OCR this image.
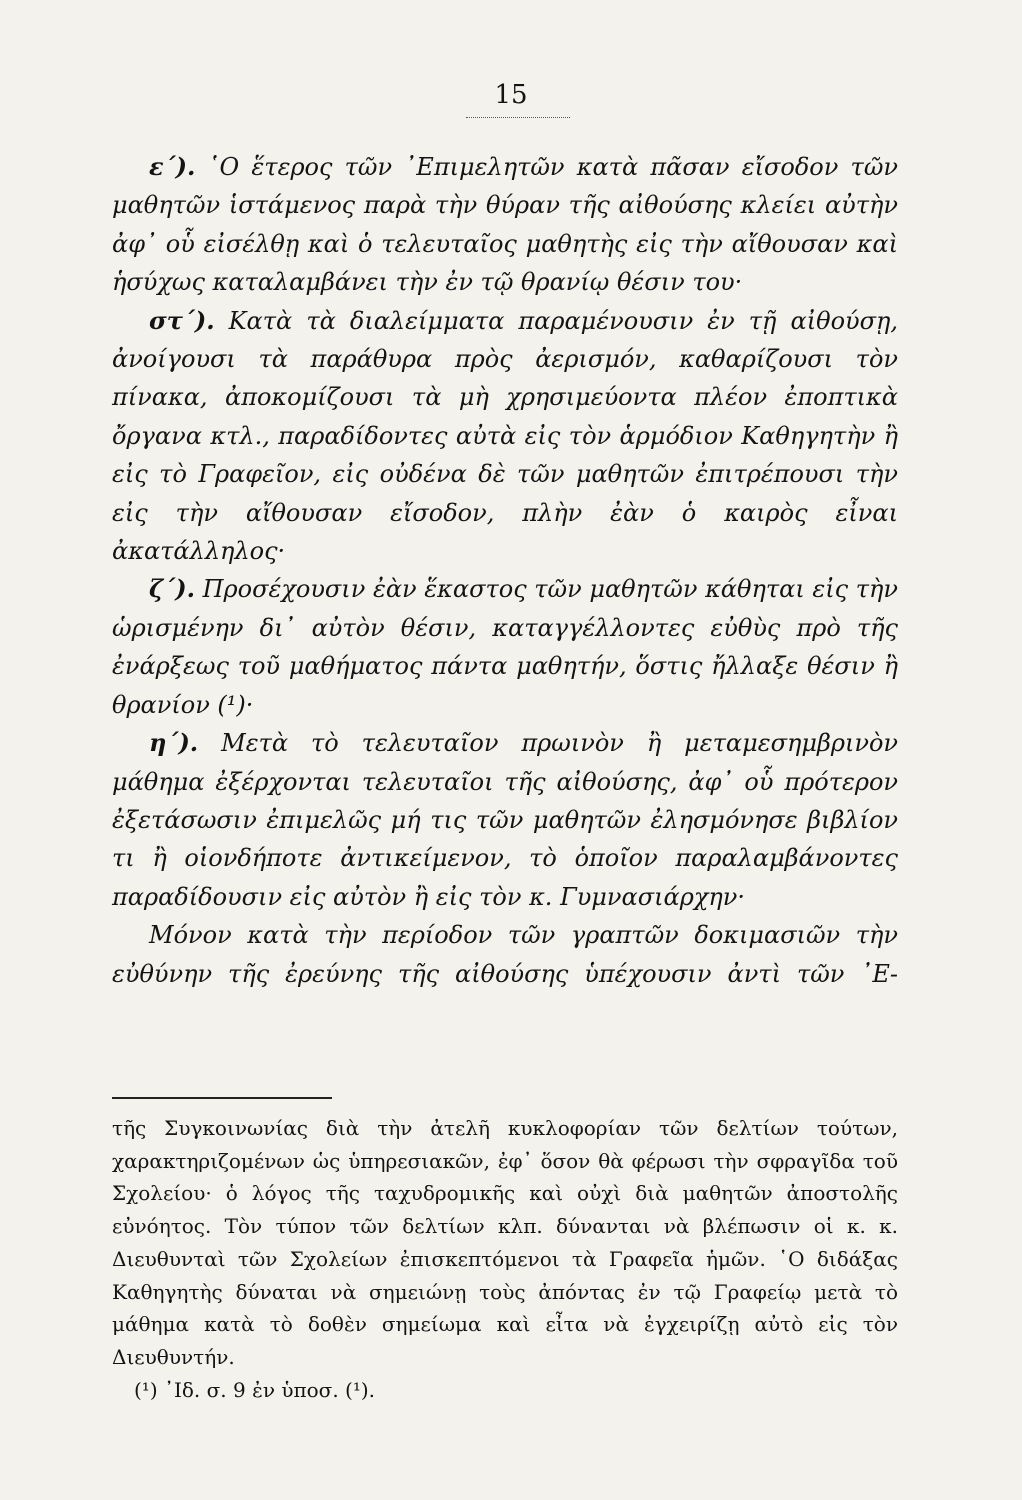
15

ε΄). ῾Ο ἕτερος τῶν ᾿Επιμελητῶν κατὰ πᾶσαν εἴσοδον τῶν μαθητῶν ἱστάμενος παρὰ τὴν θύραν τῆς αἰθούσης κλείει αὐτὴν ἀφ᾿ οὗ εἰσέλθῃ καὶ ὁ τελευταῖος μαθητὴς εἰς τὴν αἴθουσαν καὶ ἡσύχως καταλαμβάνει τὴν ἐν τῷ θρανίῳ θέσιν του·

στ΄). Κατὰ τὰ διαλείμματα παραμένουσιν ἐν τῇ αἰθούσῃ, ἀνοίγουσι τὰ παράθυρα πρὸς ἀερισμόν, καθαρίζουσι τὸν πίνακα, ἀποκομίζουσι τὰ μὴ χρησιμεύοντα πλέον ἐποπτικὰ ὄργανα κτλ., παραδίδοντες αὐτὰ εἰς τὸν ἁρμόδιον Καθηγητὴν ἢ εἰς τὸ Γραφεῖον, εἰς οὐδένα δὲ τῶν μαθητῶν ἐπιτρέπουσι τὴν εἰς τὴν αἴθουσαν εἴσοδον, πλὴν ἐὰν ὁ καιρὸς εἶναι ἀκατάλληλος·

ζ΄). Προσέχουσιν ἐὰν ἕκαστος τῶν μαθητῶν κάθηται εἰς τὴν ὡρισμένην δι᾿ αὐτὸν θέσιν, καταγγέλλοντες εὐθὺς πρὸ τῆς ἐνάρξεως τοῦ μαθήματος πάντα μαθητήν, ὅστις ἤλλαξε θέσιν ἢ θρανίον (¹)·

η΄). Μετὰ τὸ τελευταῖον πρωινὸν ἢ μεταμεσημβρινὸν μάθημα ἐξέρχονται τελευταῖοι τῆς αἰθούσης, ἀφ᾿ οὗ πρότερον ἐξετάσωσιν ἐπιμελῶς μή τις τῶν μαθητῶν ἐλησμόνησε βιβλίον τι ἢ οἱονδήποτε ἀντικείμενον, τὸ ὁποῖον παραλαμβάνοντες παραδίδουσιν εἰς αὐτὸν ἢ εἰς τὸν κ. Γυμνασιάρχην·

Μόνον κατὰ τὴν περίοδον τῶν γραπτῶν δοκιμασιῶν τὴν εὐθύνην τῆς ἐρεύνης τῆς αἰθούσης ὑπέχουσιν ἀντὶ τῶν ᾿Ε-

τῆς Συγκοινωνίας διὰ τὴν ἀτελῆ κυκλοφορίαν τῶν δελτίων τούτων, χαρακτηριζομένων ὡς ὑπηρεσιακῶν, ἐφ᾿ ὅσον θὰ φέρωσι τὴν σφραγῖδα τοῦ Σχολείου· ὁ λόγος τῆς ταχυδρομικῆς καὶ οὐχὶ διὰ μαθητῶν ἀποστολῆς εὐνόητος. Τὸν τύπον τῶν δελτίων κλπ. δύνανται νὰ βλέπωσιν οἱ κ. κ. Διευθυνταὶ τῶν Σχολείων ἐπισκεπτόμενοι τὰ Γραφεῖα ἡμῶν. ῾Ο διδάξας Καθηγητὴς δύναται νὰ σημειώνῃ τοὺς ἀπόντας ἐν τῷ Γραφείῳ μετὰ τὸ μάθημα κατὰ τὸ δοθὲν σημείωμα καὶ εἶτα νὰ ἐγχειρίζῃ αὐτὸ εἰς τὸν Διευθυντήν.

(¹) ᾿Ιδ. σ. 9 ἐν ὑποσ. (¹).
